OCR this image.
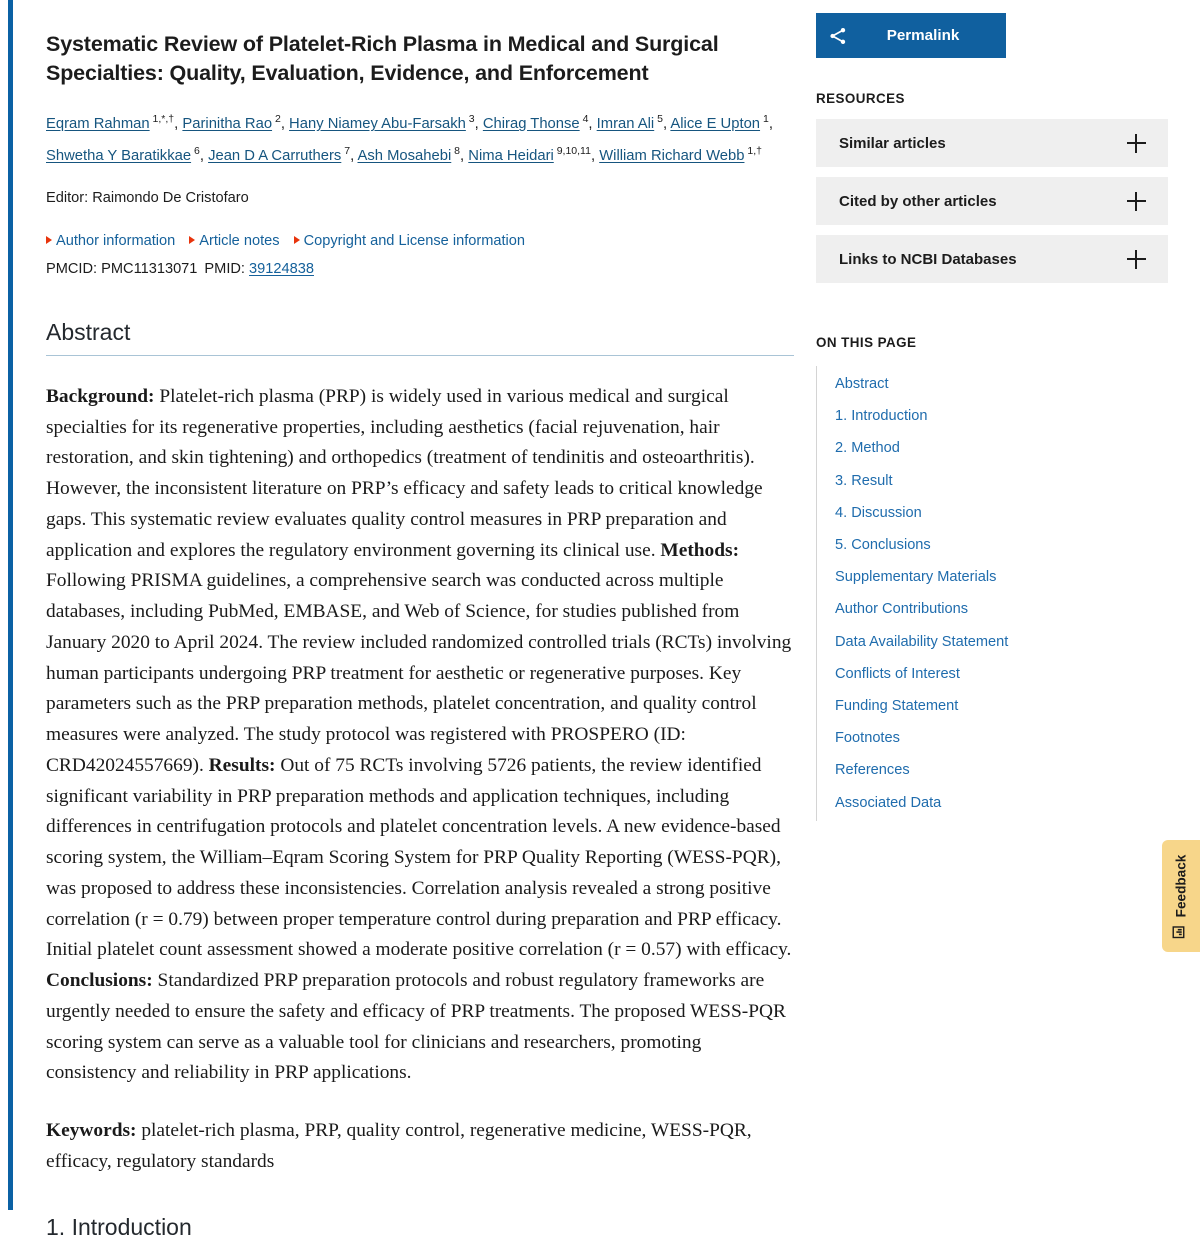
Systematic Review of Platelet-Rich Plasma in Medical and Surgical Specialties: Quality, Evaluation, Evidence, and Enforcement
Eqram Rahman $^{1,*,\dagger}$, Parinitha Rao $^2$, Hany Niamey Abu-Farsakh $^3$, Chirag Thonse $^4$, Imran Ali $^5$, Alice E Upton $^1$, Shwetha Y Baratikkae $^6$, Jean D A Carruthers $^7$, Ash Mosahebi $^8$, Nima Heidari $^{9,10,11}$, William Richard Webb $^{1,\dagger}$
Editor: Raimondo De Cristofaro
Author information Article notes Copyright and License information
PMCID: PMC11313071 PMID: 39124838
Abstract

Background: Platelet-rich plasma (PRP) is widely used in various medical and surgical specialties for its regenerative properties, including aesthetics (facial rejuvenation, hair restoration, and skin tightening) and orthopedics (treatment of tendinitis and osteoarthritis). However, the inconsistent literature on PRP’s efficacy and safety leads to critical knowledge gaps. This systematic review evaluates quality control measures in PRP preparation and application and explores the regulatory environment governing its clinical use. Methods: Following PRISMA guidelines, a comprehensive search was conducted across multiple databases, including PubMed, EMBASE, and Web of Science, for studies published from January 2020 to April 2024. The review included randomized controlled trials (RCTs) involving human participants undergoing PRP treatment for aesthetic or regenerative purposes. Key parameters such as the PRP preparation methods, platelet concentration, and quality control measures were analyzed. The study protocol was registered with PROSPERO (ID: CRD42024557669). Results: Out of 75 RCTs involving 5726 patients, the review identified significant variability in PRP preparation methods and application techniques, including differences in centrifugation protocols and platelet concentration levels. A new evidence-based scoring system, the William–Eqram Scoring System for PRP Quality Reporting (WESS-PQR), was proposed to address these inconsistencies. Correlation analysis revealed a strong positive correlation (r = 0.79) between proper temperature control during preparation and PRP efficacy. Initial platelet count assessment showed a moderate positive correlation (r = 0.57) with efficacy. Conclusions: Standardized PRP preparation protocols and robust regulatory frameworks are urgently needed to ensure the safety and efficacy of PRP treatments. The proposed WESS-PQR scoring system can serve as a valuable tool for clinicians and researchers, promoting consistency and reliability in PRP applications.

Keywords: platelet-rich plasma, PRP, quality control, regenerative medicine, WESS-PQR, efficacy, regulatory standards

1. Introduction
Permalink
RESOURCES
Similar articles
Cited by other articles
Links to NCBI Databases
ON THIS PAGE
Abstract
1. Introduction
2. Method
3. Result
4. Discussion
5. Conclusions
Supplementary Materials
Author Contributions
Data Availability Statement
Conflicts of Interest
Funding Statement
Footnotes
References
Associated Data
Feedback
